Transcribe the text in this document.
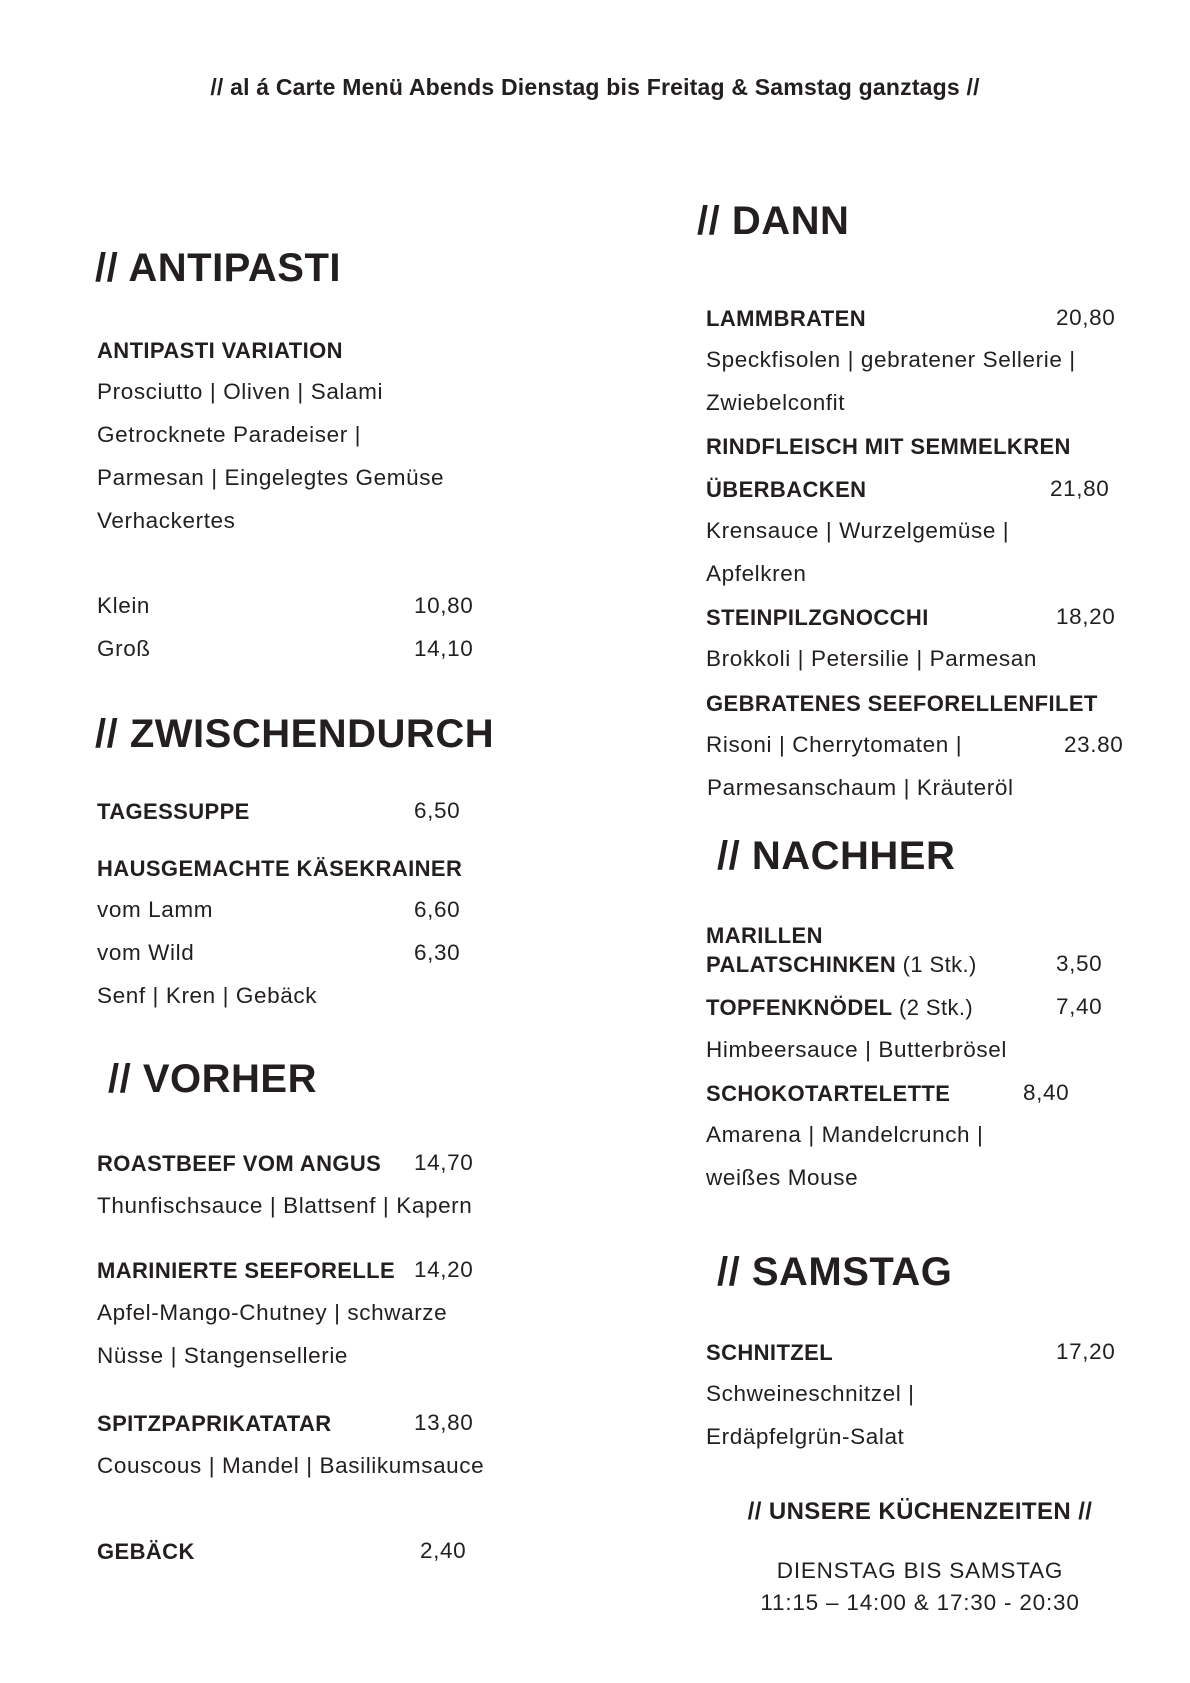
// al á Carte Menü Abends Dienstag bis Freitag & Samstag ganztags //
// ANTIPASTI
ANTIPASTI VARIATION
Prosciutto | Oliven | Salami
Getrocknete Paradeiser |
Parmesan | Eingelegtes Gemüse
Verhackertes
Klein	10,80
Groß	14,10
// ZWISCHENDURCH
TAGESSUPPE	6,50
HAUSGEMACHTE KÄSEKRAINER
vom Lamm	6,60
vom Wild	6,30
Senf | Kren | Gebäck
// VORHER
ROASTBEEF VOM ANGUS 14,70
Thunfischsauce | Blattsenf | Kapern
MARINIERTE SEEFORELLE 14,20
Apfel-Mango-Chutney | schwarze
Nüsse | Stangensellerie
SPITZPAPRIKATATAR	13,80
Couscous | Mandel | Basilikumsauce
GEBÄCK	2,40
// DANN
LAMMBRATEN	20,80
Speckfisolen | gebratener Sellerie |
Zwiebelconfit
RINDFLEISCH MIT SEMMELKREN
ÜBERBACKEN	21,80
Krensauce | Wurzelgemüse |
Apfelkren
STEINPILZGNOCCHI	18,20
Brokkoli | Petersilie | Parmesan
GEBRATENES SEEFORELLENFILET
Risoni | Cherrytomaten |	23.80
Parmesanschaum | Kräuteröl
// NACHHER
MARILLEN
PALATSCHINKEN (1 Stk.)	3,50
TOPFENKNÖDEL (2 Stk.)	7,40
Himbeersauce | Butterbrösel
SCHOKOTARTELETTE	8,40
Amarena | Mandelcrunch |
weißes Mouse
// SAMSTAG
SCHNITZEL	17,20
Schweineschnitzel |
Erdäpfelgrün-Salat
// UNSERE KÜCHENZEITEN //
DIENSTAG BIS SAMSTAG
11:15 – 14:00 & 17:30 - 20:30
